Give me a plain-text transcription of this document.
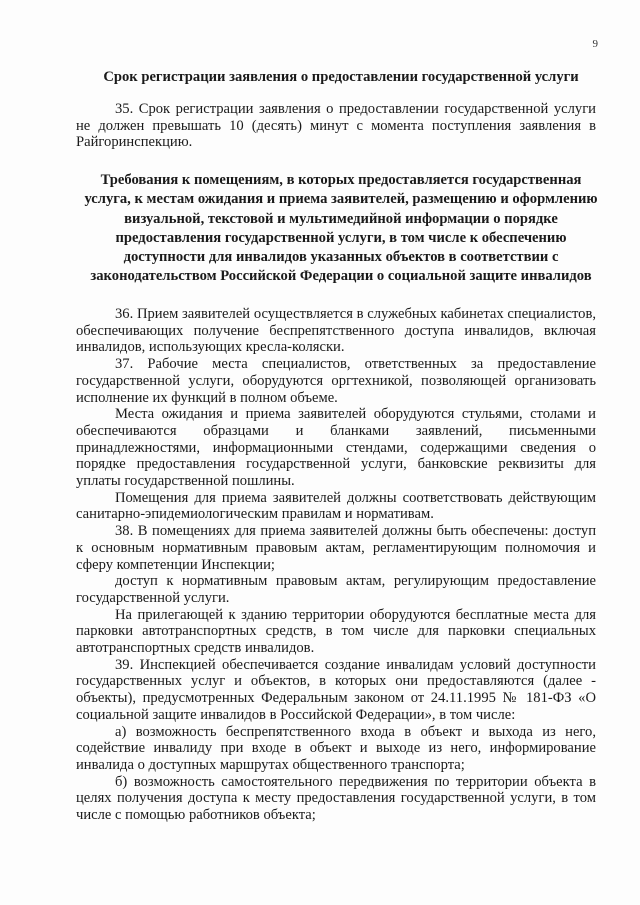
9
Срок регистрации заявления о предоставлении государственной услуги
35. Срок регистрации заявления о предоставлении государственной услуги не должен превышать 10 (десять) минут с момента поступления заявления в Райгоринспекцию.
Требования к помещениям, в которых предоставляется государственная услуга, к местам ожидания и приема заявителей, размещению и оформлению визуальной, текстовой и мультимедийной информации о порядке предоставления государственной услуги, в том числе к обеспечению доступности для инвалидов указанных объектов в соответствии с законодательством Российской Федерации о социальной защите инвалидов
36. Прием заявителей осуществляется в служебных кабинетах специалистов, обеспечивающих получение беспрепятственного доступа инвалидов, включая инвалидов, использующих кресла-коляски.
37. Рабочие места специалистов, ответственных за предоставление государственной услуги, оборудуются оргтехникой, позволяющей организовать исполнение их функций в полном объеме.
Места ожидания и приема заявителей оборудуются стульями, столами и обеспечиваются образцами и бланками заявлений, письменными принадлежностями, информационными стендами, содержащими сведения о порядке предоставления государственной услуги, банковские реквизиты для уплаты государственной пошлины.
Помещения для приема заявителей должны соответствовать действующим санитарно-эпидемиологическим правилам и нормативам.
38. В помещениях для приема заявителей должны быть обеспечены: доступ к основным нормативным правовым актам, регламентирующим полномочия и сферу компетенции Инспекции;
доступ к нормативным правовым актам, регулирующим предоставление государственной услуги.
На прилегающей к зданию территории оборудуются бесплатные места для парковки автотранспортных средств, в том числе для парковки специальных автотранспортных средств инвалидов.
39. Инспекцией обеспечивается создание инвалидам условий доступности государственных услуг и объектов, в которых они предоставляются (далее - объекты), предусмотренных Федеральным законом от 24.11.1995 № 181-ФЗ «О социальной защите инвалидов в Российской Федерации», в том числе:
а) возможность беспрепятственного входа в объект и выхода из него, содействие инвалиду при входе в объект и выходе из него, информирование инвалида о доступных маршрутах общественного транспорта;
б) возможность самостоятельного передвижения по территории объекта в целях получения доступа к месту предоставления государственной услуги, в том числе с помощью работников объекта;
